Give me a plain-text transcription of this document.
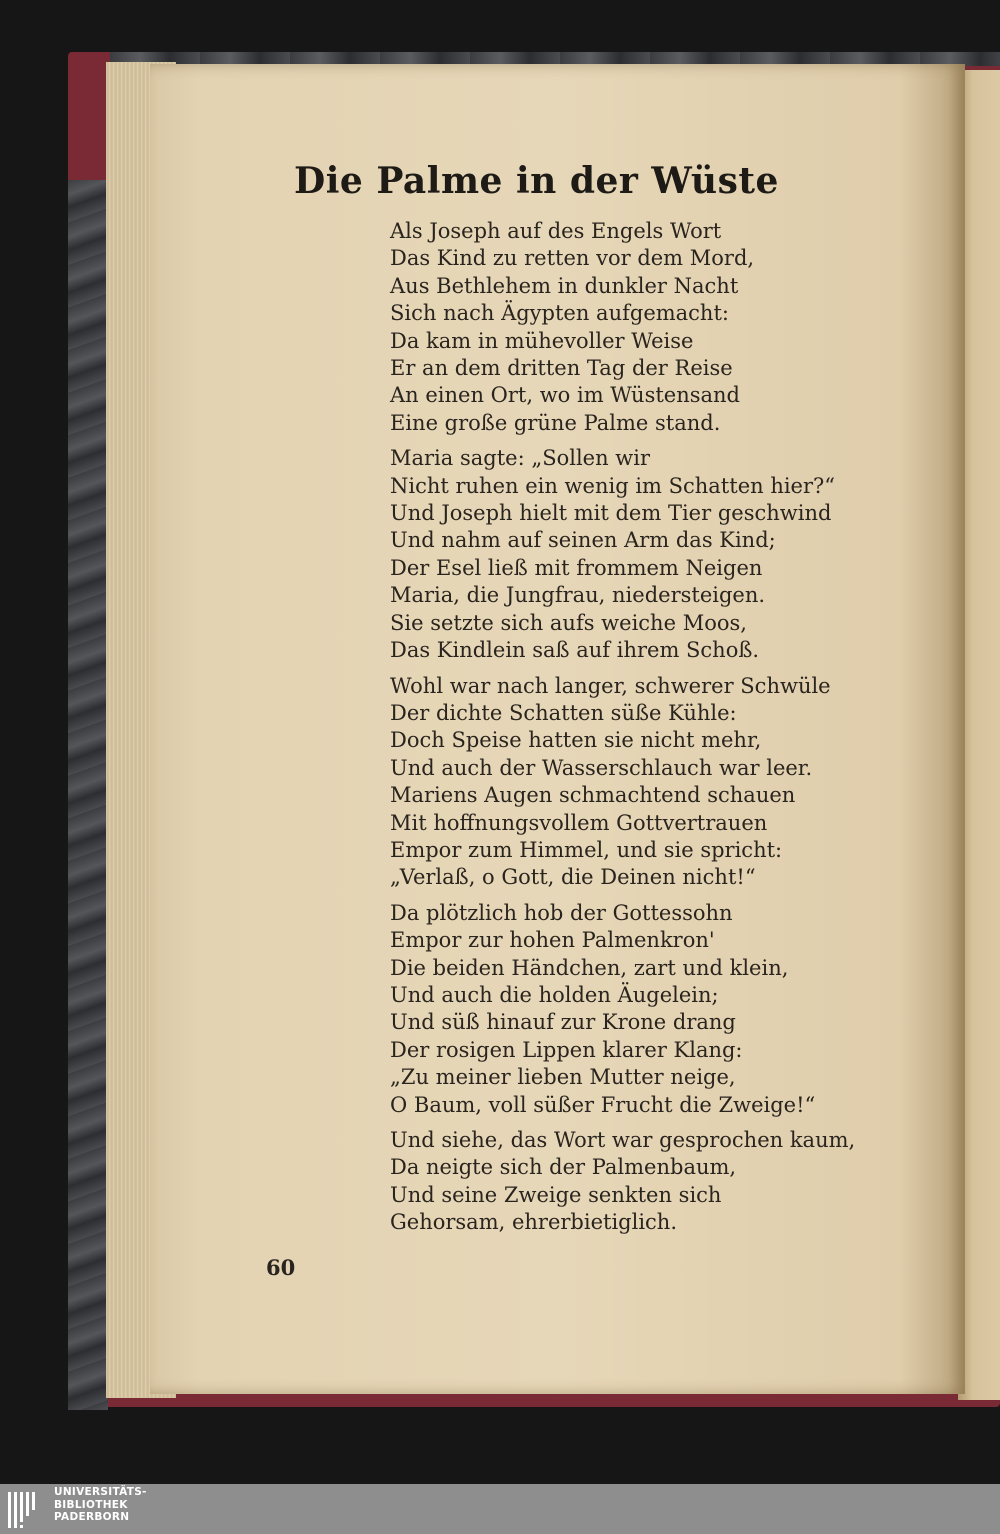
Die Palme in der Wüste
Als Joseph auf des Engels Wort
Das Kind zu retten vor dem Mord,
Aus Bethlehem in dunkler Nacht
Sich nach Ägypten aufgemacht:
Da kam in mühevoller Weise
Er an dem dritten Tag der Reise
An einen Ort, wo im Wüstensand
Eine große grüne Palme stand.
Maria sagte: „Sollen wir
Nicht ruhen ein wenig im Schatten hier?“
Und Joseph hielt mit dem Tier geschwind
Und nahm auf seinen Arm das Kind;
Der Esel ließ mit frommem Neigen
Maria, die Jungfrau, niedersteigen.
Sie setzte sich aufs weiche Moos,
Das Kindlein saß auf ihrem Schoß.
Wohl war nach langer, schwerer Schwüle
Der dichte Schatten süße Kühle:
Doch Speise hatten sie nicht mehr,
Und auch der Wasserschlauch war leer.
Mariens Augen schmachtend schauen
Mit hoffnungsvollem Gottvertrauen
Empor zum Himmel, und sie spricht:
„Verlaß, o Gott, die Deinen nicht!“
Da plötzlich hob der Gottessohn
Empor zur hohen Palmenkron'
Die beiden Händchen, zart und klein,
Und auch die holden Äugelein;
Und süß hinauf zur Krone drang
Der rosigen Lippen klarer Klang:
„Zu meiner lieben Mutter neige,
O Baum, voll süßer Frucht die Zweige!“
Und siehe, das Wort war gesprochen kaum,
Da neigte sich der Palmenbaum,
Und seine Zweige senkten sich
Gehorsam, ehrerbietiglich.
60
UNIVERSITÄTS-
BIBLIOTHEK
PADERBORN
